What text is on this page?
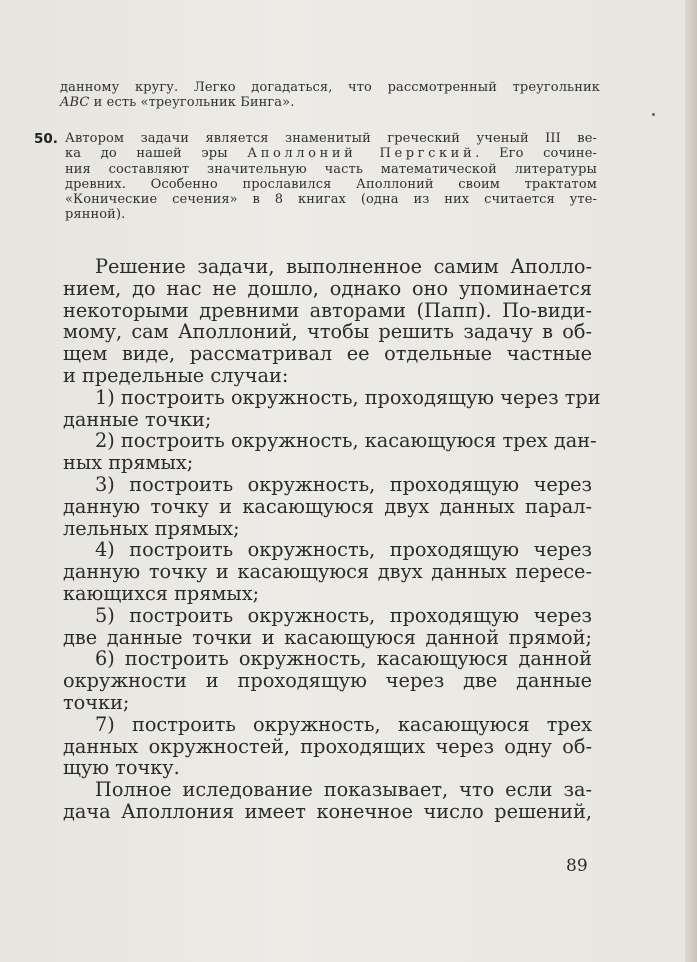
данному кругу. Легко догадаться, что рассмотренный треугольник
ABC и есть «треугольник Бинга».
50. Автором задачи является знаменитый греческий ученый III ве-
ка до нашей эры Аполлоний Пергский. Его сочине-
ния составляют значительную часть математической литературы
древних. Особенно прославился Аполлоний своим трактатом
«Конические сечения» в 8 книгах (одна из них считается уте-
рянной).
Решение задачи, выполненное самим Аполло-
нием, до нас не дошло, однако оно упоминается
некоторыми древними авторами (Папп). По-види-
мому, сам Аполлоний, чтобы решить задачу в об-
щем виде, рассматривал ее отдельные частные
и предельные случаи:
1) построить окружность, проходящую через три
данные точки;
2) построить окружность, касающуюся трех дан-
ных прямых;
3) построить окружность, проходящую через
данную точку и касающуюся двух данных парал-
лельных прямых;
4) построить окружность, проходящую через
данную точку и касающуюся двух данных пересе-
кающихся прямых;
5) построить окружность, проходящую через
две данные точки и касающуюся данной прямой;
6) построить окружность, касающуюся данной
окружности и проходящую через две данные
точки;
7) построить окружность, касающуюся трех
данных окружностей, проходящих через одну об-
щую точку.
Полное иследование показывает, что если за-
дача Аполлония имеет конечное число решений,
89
